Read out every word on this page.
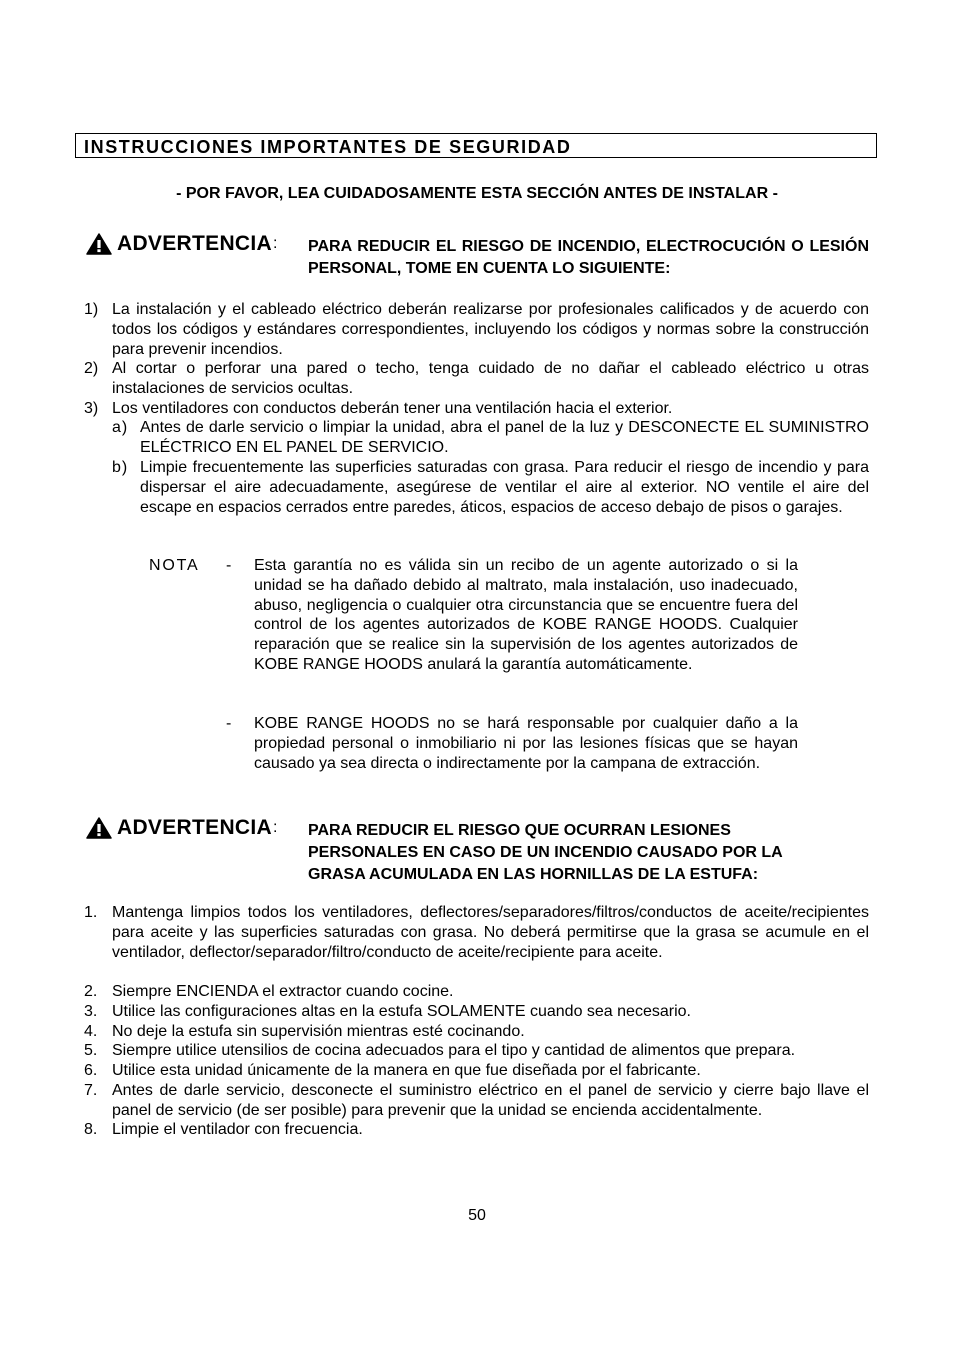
INSTRUCCIONES IMPORTANTES DE SEGURIDAD
- POR FAVOR, LEA CUIDADOSAMENTE ESTA SECCIÓN ANTES DE INSTALAR -
ADVERTENCIA : PARA REDUCIR EL RIESGO DE INCENDIO, ELECTROCUCIÓN O LESIÓN PERSONAL, TOME EN CUENTA LO SIGUIENTE:
1) La instalación y el cableado eléctrico deberán realizarse por profesionales calificados y de acuerdo con todos los códigos y estándares correspondientes, incluyendo los códigos y normas sobre la construcción para prevenir incendios.
2) Al cortar o perforar una pared o techo, tenga cuidado de no dañar el cableado eléctrico u otras instalaciones de servicios ocultas.
3) Los ventiladores con conductos deberán tener una ventilación hacia el exterior.
a) Antes de darle servicio o limpiar la unidad, abra el panel de la luz y DESCONECTE EL SUMINISTRO ELÉCTRICO EN EL PANEL DE SERVICIO.
b) Limpie frecuentemente las superficies saturadas con grasa. Para reducir el riesgo de incendio y para dispersar el aire adecuadamente, asegúrese de ventilar el aire al exterior. NO ventile el aire del escape en espacios cerrados entre paredes, áticos, espacios de acceso debajo de pisos o garajes.
NOTA - Esta garantía no es válida sin un recibo de un agente autorizado o si la unidad se ha dañado debido al maltrato, mala instalación, uso inadecuado, abuso, negligencia o cualquier otra circunstancia que se encuentre fuera del control de los agentes autorizados de KOBE RANGE HOODS. Cualquier reparación que se realice sin la supervisión de los agentes autorizados de KOBE RANGE HOODS anulará la garantía automáticamente.
- KOBE RANGE HOODS no se hará responsable por cualquier daño a la propiedad personal o inmobiliario ni por las lesiones físicas que se hayan causado ya sea directa o indirectamente por la campana de extracción.
ADVERTENCIA : PARA REDUCIR EL RIESGO QUE OCURRAN LESIONES
PERSONALES EN CASO DE UN INCENDIO CAUSADO POR LA
GRASA ACUMULADA EN LAS HORNILLAS DE LA ESTUFA:
1. Mantenga limpios todos los ventiladores, deflectores/separadores/filtros/conductos de aceite/recipientes para aceite y las superficies saturadas con grasa. No deberá permitirse que la grasa se acumule en el ventilador, deflector/separador/filtro/conducto de aceite/recipiente para aceite.
2. Siempre ENCIENDA el extractor cuando cocine.
3. Utilice las configuraciones altas en la estufa SOLAMENTE cuando sea necesario.
4. No deje la estufa sin supervisión mientras esté cocinando.
5. Siempre utilice utensilios de cocina adecuados para el tipo y cantidad de alimentos que prepara.
6. Utilice esta unidad únicamente de la manera en que fue diseñada por el fabricante.
7. Antes de darle servicio, desconecte el suministro eléctrico en el panel de servicio y cierre bajo llave el panel de servicio (de ser posible) para prevenir que la unidad se encienda accidentalmente.
8. Limpie el ventilador con frecuencia.
50
